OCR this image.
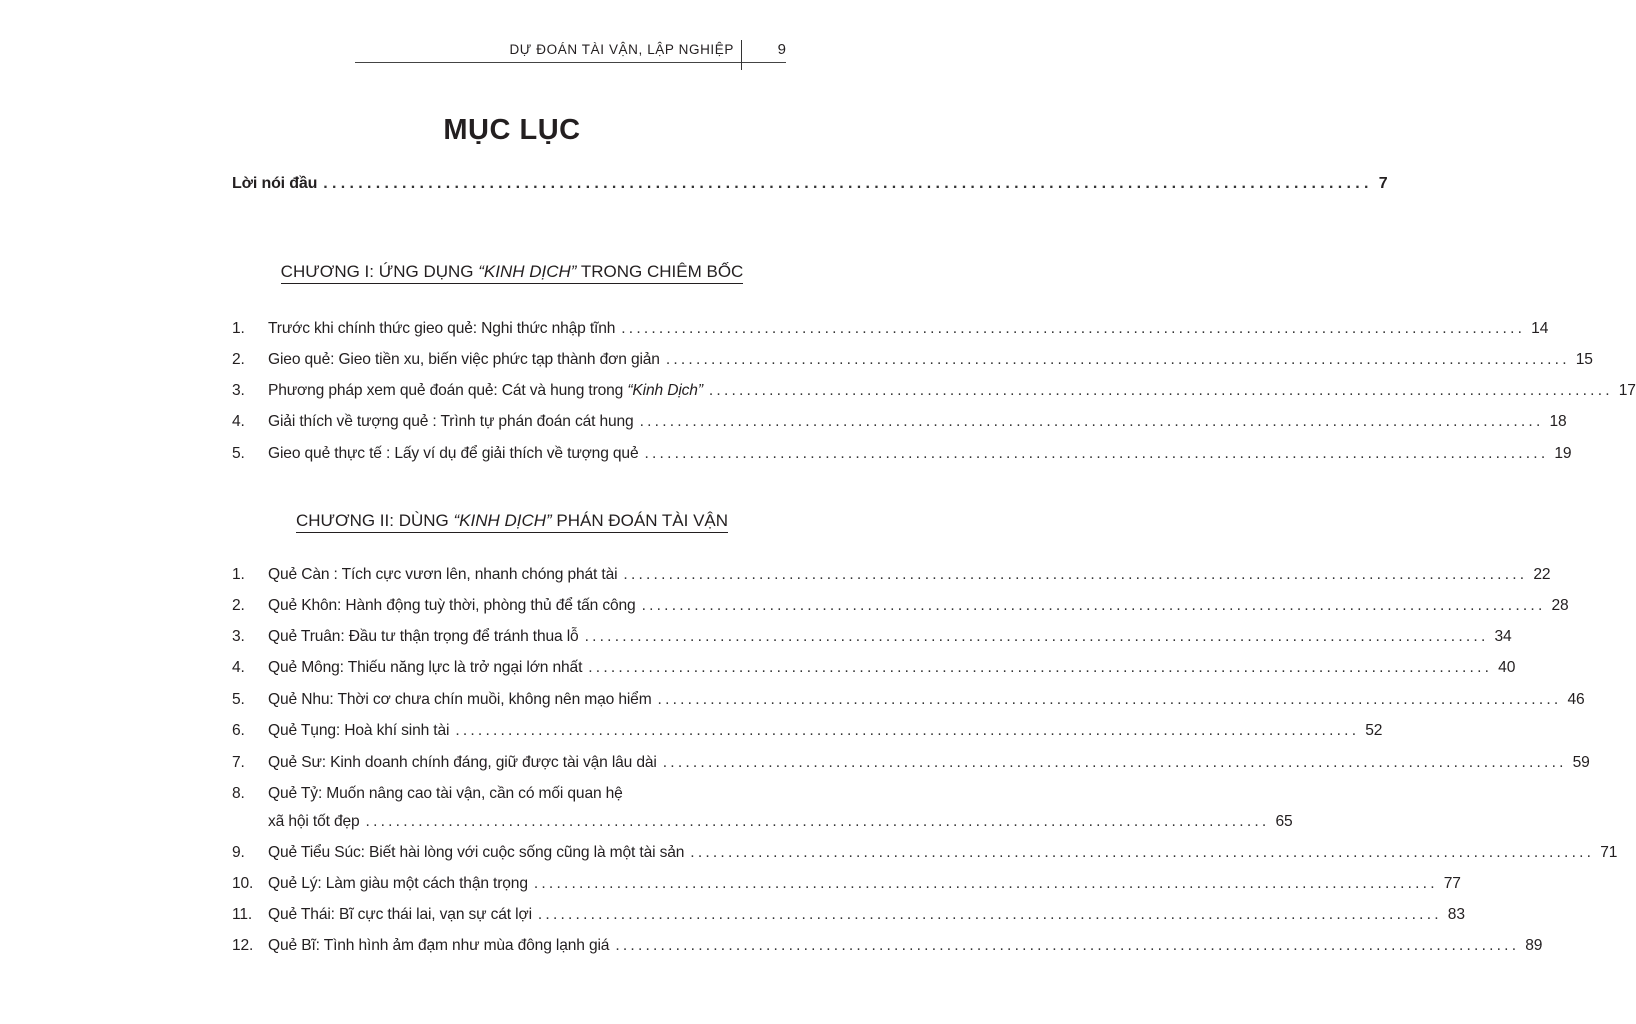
DỰ ĐOÁN TÀI VẬN, LẬP NGHIỆP	9
MỤC LỤC
Lời nói đầu ........................................................................................................................ 7
CHƯƠNG I: ỨNG DỤNG “KINH DỊCH” TRONG CHIÊM BỐC
1.	Trước khi chính thức gieo quẻ: Nghi thức nhập tĩnh ........................................................................................................................ 14
2.	Gieo quẻ: Gieo tiền xu, biến việc phức tạp thành đơn giản ........................................................................................................................ 15
3.	Phương pháp xem quẻ đoán quẻ: Cát và hung trong “Kinh Dịch” ........................................................................................................................ 17
4.	Giải thích về tượng quẻ : Trình tự phán đoán cát hung ........................................................................................................................ 18
5.	Gieo quẻ thực tế : Lấy ví dụ để giải thích về tượng quẻ ........................................................................................................................ 19
CHƯƠNG II: DÙNG “KINH DỊCH” PHÁN ĐOÁN TÀI VẬN
1.	Quẻ Càn : Tích cực vươn lên, nhanh chóng phát tài ........................................................................................................................ 22
2.	Quẻ Khôn: Hành động tuỳ thời, phòng thủ để tấn công ........................................................................................................................ 28
3.	Quẻ Truân: Đầu tư thận trọng để tránh thua lỗ ........................................................................................................................ 34
4.	Quẻ Mông: Thiếu năng lực là trở ngại lớn nhất ........................................................................................................................ 40
5.	Quẻ Nhu: Thời cơ chưa chín muồi, không nên mạo hiểm ........................................................................................................................ 46
6.	Quẻ Tụng: Hoà khí sinh tài ........................................................................................................................ 52
7.	Quẻ Sư: Kinh doanh chính đáng, giữ được tài vận lâu dài ........................................................................................................................ 59
8.	Quẻ Tỷ: Muốn nâng cao tài vận, cần có mối quan hệ
xã hội tốt đẹp ........................................................................................................................ 65
9.	Quẻ Tiểu Súc: Biết hài lòng với cuộc sống cũng là một tài sản ........................................................................................................................ 71
10. Quẻ Lý: Làm giàu một cách thận trọng ........................................................................................................................ 77
11.	Quẻ Thái: Bĩ cực thái lai, vạn sự cát lợi ........................................................................................................................ 83
12. Quẻ Bĩ: Tình hình ảm đạm như mùa đông lạnh giá ........................................................................................................................ 89
